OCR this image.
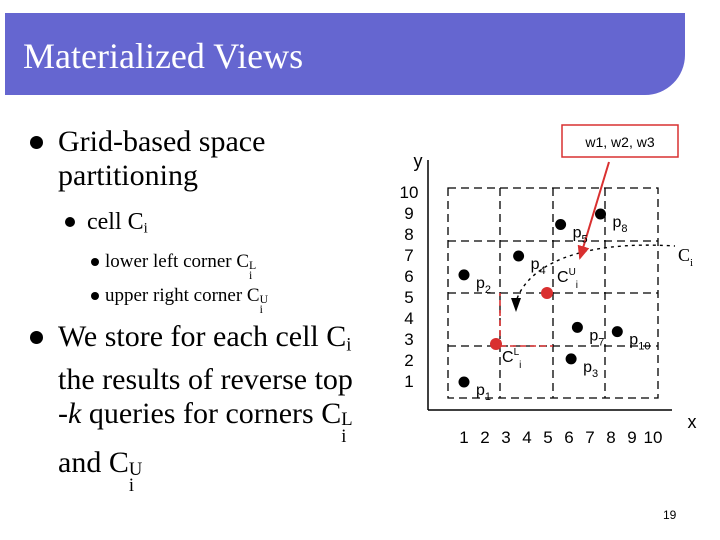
Materialized Views
Grid-based space
partitioning
cell $C_i$
lower left corner C L
i
upper right corner C U
i
We store for each cell $C_i$
the results of reverse top
-k queries for corners C L
i

and C U
i
w1, w2, w3
y
x
1
2
3
4
5
6
7
8
9
10
1 2 3 4 5 6 7 8 9 10
$p_1$
$p_2$
$p_3$
$p_4$
$p_5$
$p_7$
$p_8$
$p_{10}$
$C_i$
$C^U_i$
$C^L_i$
19
